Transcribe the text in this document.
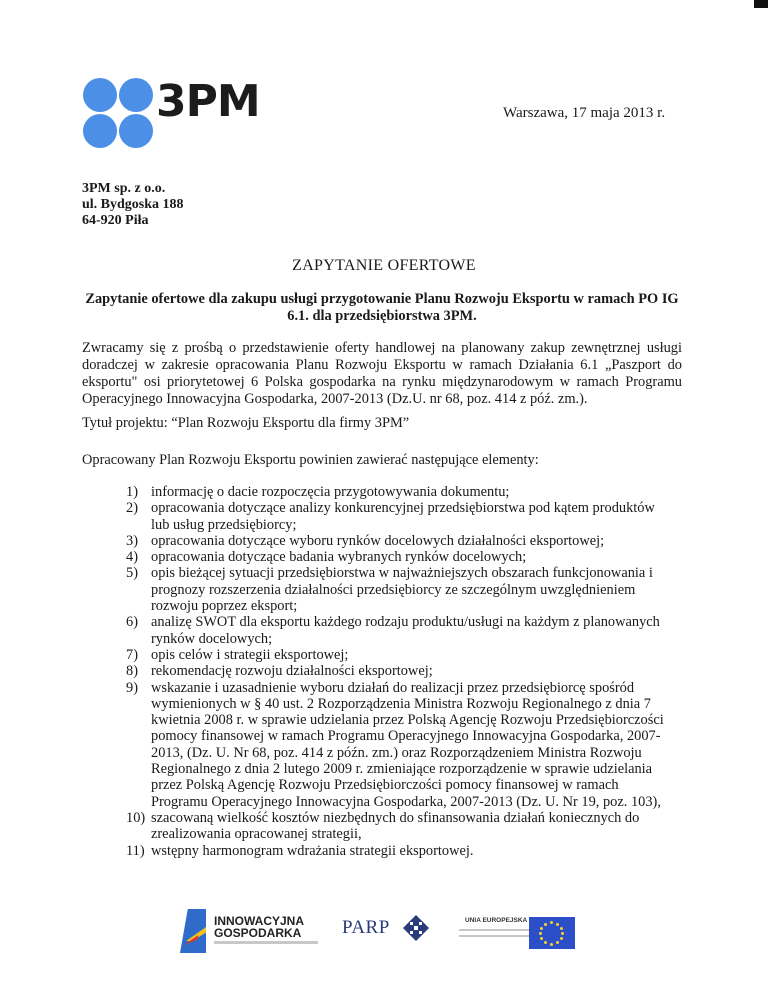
3PM	Warszawa, 17 maja 2013 r.
3PM sp. z o.o.
ul. Bydgoska 188
64-920 Piła
ZAPYTANIE OFERTOWE
Zapytanie ofertowe dla zakupu usługi przygotowanie Planu Rozwoju Eksportu w ramach PO IG
6.1. dla przedsiębiorstwa 3PM.
Zwracamy się z prośbą o przedstawienie oferty handlowej na planowany zakup zewnętrznej usługi doradczej w zakresie opracowania Planu Rozwoju Eksportu w ramach Działania 6.1 „Paszport do eksportu" osi priorytetowej 6 Polska gospodarka na rynku międzynarodowym w ramach Programu Operacyjnego Innowacyjna Gospodarka, 2007-2013 (Dz.U. nr 68, poz. 414 z póź. zm.).
Tytuł projektu: “Plan Rozwoju Eksportu dla firmy 3PM”
Opracowany Plan Rozwoju Eksportu powinien zawierać następujące elementy:
1) informację o dacie rozpoczęcia przygotowywania dokumentu;
2) opracowania dotyczące analizy konkurencyjnej przedsiębiorstwa pod kątem produktów lub usług przedsiębiorcy;
3) opracowania dotyczące wyboru rynków docelowych działalności eksportowej;
4) opracowania dotyczące badania wybranych rynków docelowych;
5) opis bieżącej sytuacji przedsiębiorstwa w najważniejszych obszarach funkcjonowania i prognozy rozszerzenia działalności przedsiębiorcy ze szczególnym uwzględnieniem rozwoju poprzez eksport;
6) analizę SWOT dla eksportu każdego rodzaju produktu/usługi na każdym z planowanych rynków docelowych;
7) opis celów i strategii eksportowej;
8) rekomendację rozwoju działalności eksportowej;
9) wskazanie i uzasadnienie wyboru działań do realizacji przez przedsiębiorcę spośród wymienionych w § 40 ust. 2 Rozporządzenia Ministra Rozwoju Regionalnego z dnia 7 kwietnia 2008 r. w sprawie udzielania przez Polską Agencję Rozwoju Przedsiębiorczości pomocy finansowej w ramach Programu Operacyjnego Innowacyjna Gospodarka, 2007-2013, (Dz. U. Nr 68, poz. 414 z późn. zm.) oraz Rozporządzeniem Ministra Rozwoju Regionalnego z dnia 2 lutego 2009 r. zmieniające rozporządzenie w sprawie udzielania przez Polską Agencję Rozwoju Przedsiębiorczości pomocy finansowej w ramach Programu Operacyjnego Innowacyjna Gospodarka, 2007-2013 (Dz. U. Nr 19, poz. 103),
10) szacowaną wielkość kosztów niezbędnych do sfinansowania działań koniecznych do zrealizowania opracowanej strategii,
11) wstępny harmonogram wdrażania strategii eksportowej.
INNOWACYJNA
GOSPODARKA PARP	UNIA EUROPEJSKA
